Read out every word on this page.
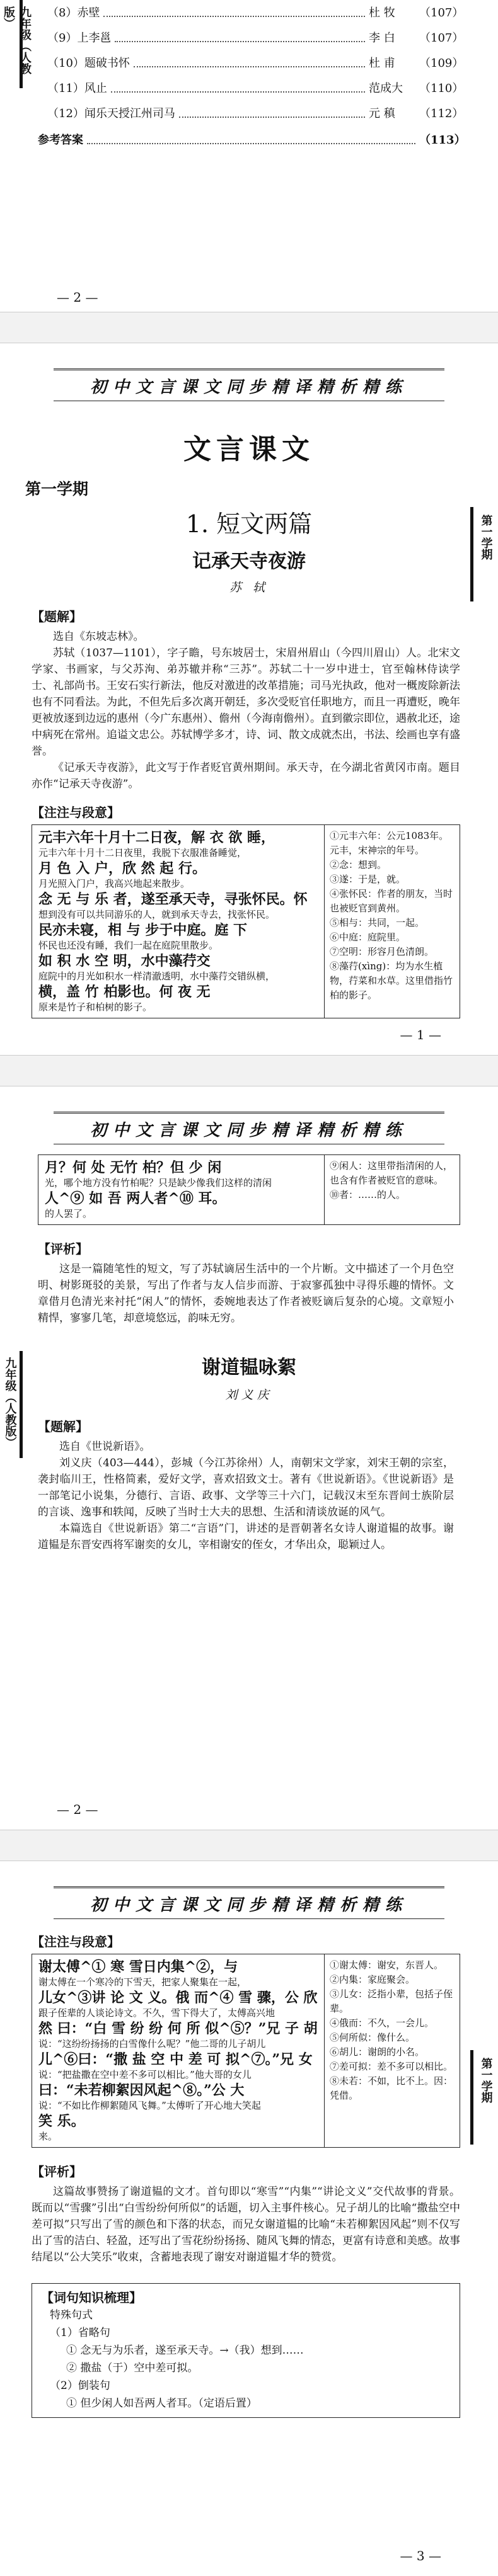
九年级（人教版）	（8）赤壁	杜 牧	（107）
（9）上李邕	李 白	（107）
（10）题破书怀	杜 甫	（109）
（11）风止	范成大	（110）
（12）闻乐天授江州司马	元 稹	（112）
参考答案	（113）
— 2 —
初中文言课文同步精译精析精练
第一学期
文言课文
第一学期
1. 短文两篇
记承天寺夜游
苏 轼
【题解】

选自《东坡志林》。

苏轼（1037—1101），字子瞻，号东坡居士，宋眉州眉山（今四川眉山）人。北宋文学家、书画家，与父苏洵、弟苏辙并称“三苏”。苏轼二十一岁中进士，官至翰林侍读学士、礼部尚书。王安石实行新法，他反对激进的改革措施；司马光执政，他对一概废除新法也有不同看法。为此，不但先后多次离开朝廷，多次受贬官任职地方，而且一再遭贬，晚年更被放逐到边远的惠州（今广东惠州）、儋州（今海南儋州）。直到徽宗即位，遇赦北还，途中病死在常州。追谥文忠公。苏轼博学多才，诗、词、散文成就杰出，书法、绘画也享有盛誉。

《记承天寺夜游》，此文写于作者贬官黄州期间。承天寺，在今湖北省黄冈市南。题目亦作“记承天寺夜游”。

【注注与段意】
元丰六年十月十二日夜，解 衣 欲 睡，
元丰六年十月十二日夜里，我脱下衣服准备睡觉，
月 色 入 户，欣 然 起 行。
月光照入门户，我高兴地起来散步。
念 无 与 乐 者，遂至承天寺，寻张怀民。怀
想到没有可以共同游乐的人，就到承天寺去，找张怀民。
民亦未寝，相 与 步于中庭。庭 下
怀民也还没有睡，我们一起在庭院里散步。
如 积 水 空 明，水中藻荇交
庭院中的月光如积水一样清澈透明，水中藻荇交错纵横，
横，盖 竹 柏影也。何 夜 无
原来是竹子和柏树的影子。
①元丰六年：公元1083年。元丰，宋神宗的年号。
②念：想到。
③遂：于是，就。
④张怀民：作者的朋友，当时也被贬官到黄州。
⑤相与：共同，一起。
⑥中庭：庭院里。
⑦空明：形容月色清朗。
⑧藻荇(xìng)：均为水生植物，荇菜和水草。这里借指竹柏的影子。
— 1 —
初中文言课文同步精译精析精练
九年级（人教版）
月？何 处 无竹 柏？但 少 闲
光，哪个地方没有竹柏呢？只是缺少像我们这样的清闲
人^⑨ 如 吾 两人者^⑩ 耳。
的人罢了。
⑨闲人：这里带指清闲的人，也含有作者被贬官的意味。
⑩者：……的人。
【评析】

这是一篇随笔性的短文，写了苏轼谪居生活中的一个片断。文中描述了一个月色空明、树影斑驳的美景，写出了作者与友人信步而游、于寂寥孤独中寻得乐趣的情怀。文章借月色清光来衬托“闲人”的情怀，委婉地表达了作者被贬谪后复杂的心境。文章短小精悍，寥寥几笔，却意境悠远，韵味无穷。

谢道韫咏絮
刘义庆
【题解】

选自《世说新语》。

刘义庆（403—444），彭城（今江苏徐州）人，南朝宋文学家，刘宋王朝的宗室，袭封临川王，性格简素，爱好文学，喜欢招致文士。著有《世说新语》。《世说新语》是一部笔记小说集，分德行、言语、政事、文学等三十六门，记载汉末至东晋间士族阶层的言谈、逸事和轶闻，反映了当时士大夫的思想、生活和清谈放诞的风气。

本篇选自《世说新语》第二“言语”门，讲述的是晋朝著名女诗人谢道韫的故事。谢道韫是东晋安西将军谢奕的女儿，宰相谢安的侄女，才华出众，聪颖过人。

— 2 —
初中文言课文同步精译精析精练
第一学期
【注注与段意】
谢太傅^① 寒 雪日内集^②，与
谢太傅在一个寒冷的下雪天，把家人聚集在一起，
儿女^③讲 论 文 义。俄 而^④ 雪 骤，公 欣
跟子侄辈的人谈论诗文。不久，雪下得大了，太傅高兴地
然 曰：“白 雪 纷 纷 何 所 似^⑤？”兄 子 胡
说：“这纷纷扬扬的白雪像什么呢？”他二哥的儿子胡儿
儿^⑥曰：“撒 盐 空 中 差 可 拟^⑦。”兄 女
说：“把盐撒在空中差不多可以相比。”他大哥的女儿
曰：“未若柳絮因风起^⑧。”公 大
说：“不如比作柳絮随风飞舞。”太傅听了开心地大笑起
笑 乐。
来。
①谢太傅：谢安，东晋人。
②内集：家庭聚会。
③儿女：泛指小辈，包括子侄辈。
④俄而：不久，一会儿。
⑤何所似：像什么。
⑥胡儿：谢朗的小名。
⑦差可拟：差不多可以相比。
⑧未若：不如，比不上。因：凭借。
【评析】

这篇故事赞扬了谢道韫的文才。首句即以“寒雪”“内集”“讲论文义”交代故事的背景。既而以“雪骤”引出“白雪纷纷何所似”的话题，切入主事件核心。兄子胡儿的比喻“撒盐空中差可拟”只写出了雪的颜色和下落的状态，而兄女谢道韫的比喻“未若柳絮因风起”则不仅写出了雪的洁白、轻盈，还写出了雪花纷纷扬扬、随风飞舞的情态，更富有诗意和美感。故事结尾以“公大笑乐”收束，含蓄地表现了谢安对谢道韫才华的赞赏。

【词句知识梳理】
特殊句式
（1）省略句
① 念无与为乐者，遂至承天寺。→（我）想到……
② 撒盐（于）空中差可拟。
（2）倒装句
① 但少闲人如吾两人者耳。（定语后置）
— 3 —
